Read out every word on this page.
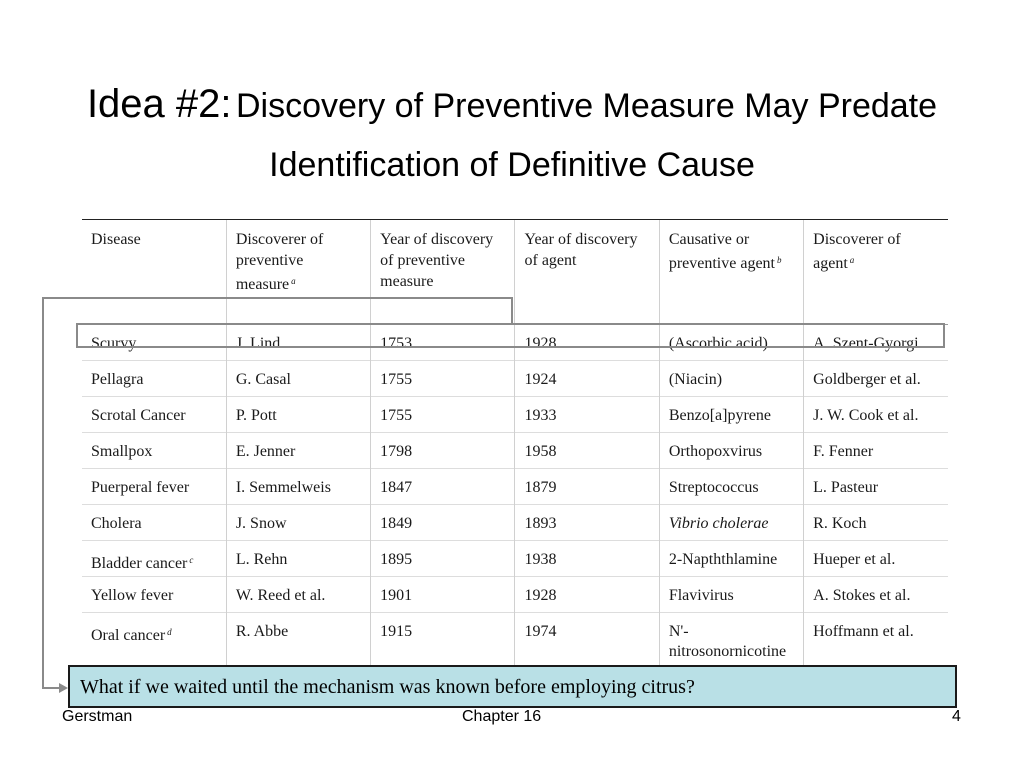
Idea #2: Discovery of Preventive Measure May Predate Identification of Definitive Cause
Disease	Discoverer of preventive measure $^a$	Year of discovery of preventive measure	Year of discovery of agent	Causative or preventive agent $^b$	Discoverer of agent $^a$
Scurvy	J. Lind	1753	1928	(Ascorbic acid)	A. Szent-Gyorgi
Pellagra	G. Casal	1755	1924	(Niacin)	Goldberger et al.
Scrotal Cancer	P. Pott	1755	1933	Benzo[a]pyrene	J. W. Cook et al.
Smallpox	E. Jenner	1798	1958	Orthopoxvirus	F. Fenner
Puerperal fever	I. Semmelweis	1847	1879	Streptococcus	L. Pasteur
Cholera	J. Snow	1849	1893	Vibrio cholerae	R. Koch
Bladder cancer $^c$	L. Rehn	1895	1938	2-Napththlamine	Hueper et al.
Yellow fever	W. Reed et al.	1901	1928	Flavivirus	A. Stokes et al.
Oral cancer $^d$	R. Abbe	1915	1974	N'-nitrosonornicotine	Hoffmann et al.
What if we waited until the mechanism was known before employing citrus?
Gerstman	Chapter 16	4
